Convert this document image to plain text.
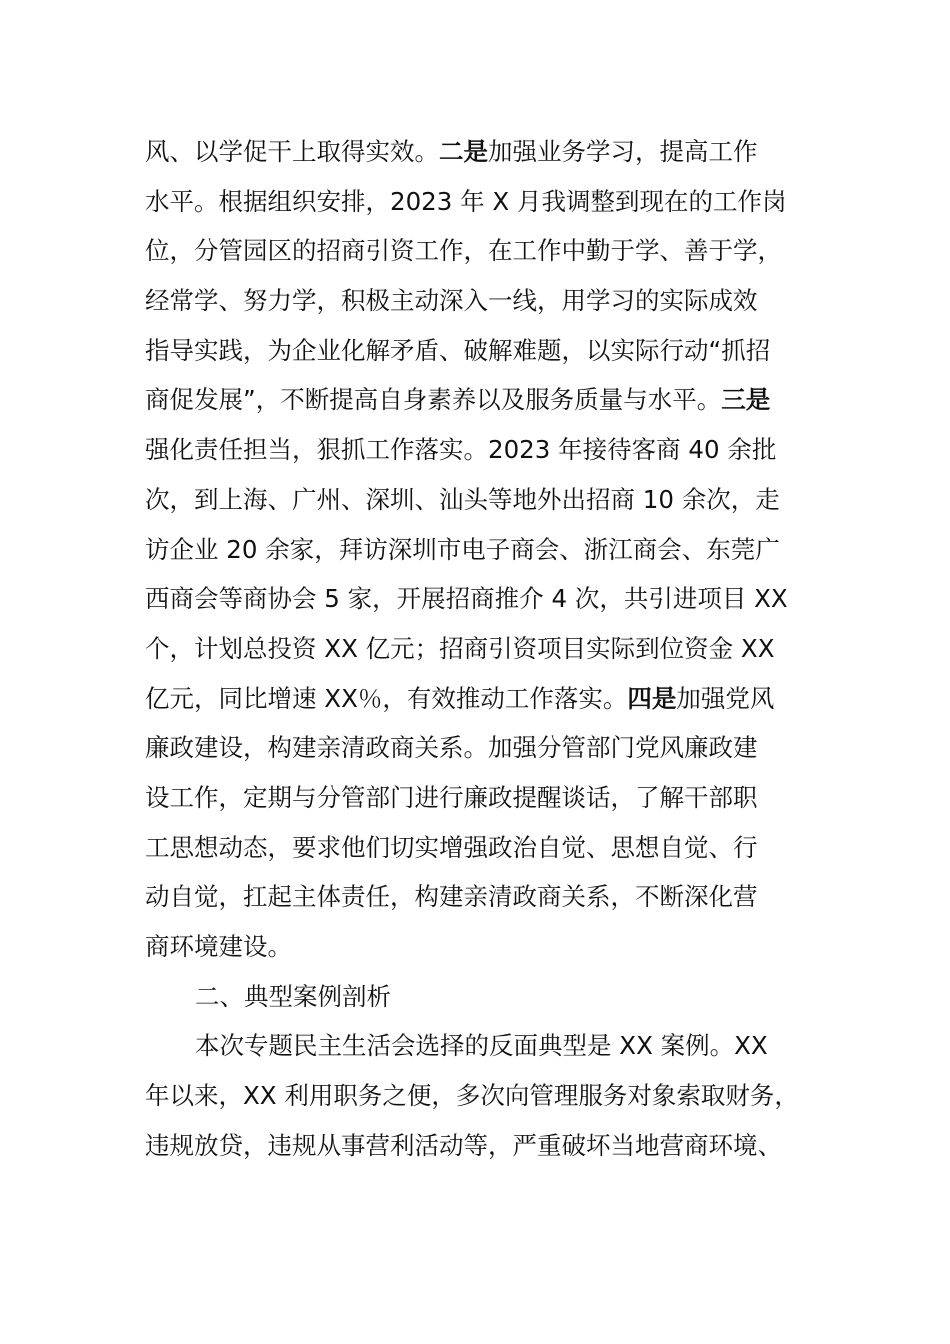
风、以学促干上取得实效。二是加强业务学习，提高工作
水平。根据组织安排，2023 年 X 月我调整到现在的工作岗
位，分管园区的招商引资工作，在工作中勤于学、善于学，
经常学、努力学，积极主动深入一线，用学习的实际成效
指导实践，为企业化解矛盾、破解难题，以实际行动“抓招
商促发展”，不断提高自身素养以及服务质量与水平。三是
强化责任担当，狠抓工作落实。2023 年接待客商 40 余批
次，到上海、广州、深圳、汕头等地外出招商 10 余次，走
访企业 20 余家，拜访深圳市电子商会、浙江商会、东莞广
西商会等商协会 5 家，开展招商推介 4 次，共引进项目 XX
个，计划总投资 XX 亿元；招商引资项目实际到位资金 XX
亿元，同比增速 XX％，有效推动工作落实。四是加强党风
廉政建设，构建亲清政商关系。加强分管部门党风廉政建
设工作，定期与分管部门进行廉政提醒谈话，了解干部职
工思想动态，要求他们切实增强政治自觉、思想自觉、行
动自觉，扛起主体责任，构建亲清政商关系，不断深化营
商环境建设。
二、典型案例剖析
本次专题民主生活会选择的反面典型是 XX 案例。XX
年以来，XX 利用职务之便，多次向管理服务对象索取财务，
违规放贷，违规从事营利活动等，严重破坏当地营商环境、
